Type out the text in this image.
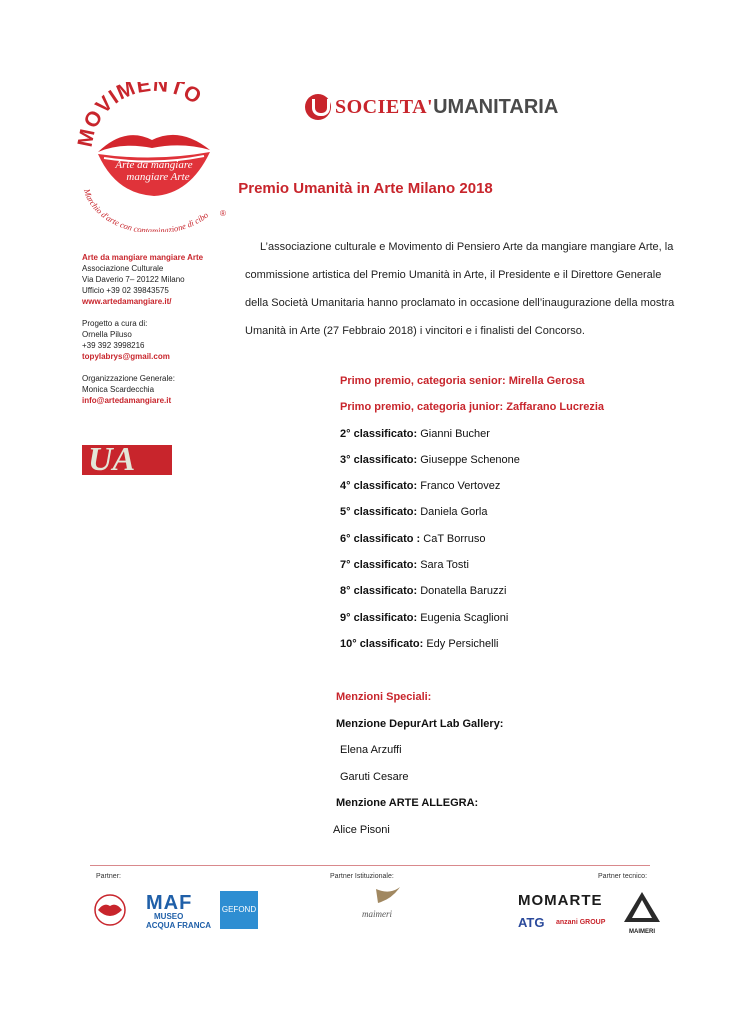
MOVIMENTO
Arte da mangiare
mangiare Arte
Marchio d'arte con contaminazione di cibo ®
SOCIETA' UMANITARIA
Arte da mangiare mangiare Arte
Associazione Culturale
Via Daverio 7– 20122 Milano
Ufficio +39 02 39843575
www.artedamangiare.it/
Progetto a cura di:
Ornella Piluso
+39 392 3998216
topylabrys@gmail.com
Organizzazione Generale:
Monica Scardecchia
info@artedamangiare.it
UA
Premio Umanità in Arte Milano 2018

L’associazione culturale e Movimento di Pensiero Arte da mangiare mangiare Arte, la

commissione artistica del Premio Umanità in Arte, il Presidente e il Direttore Generale

della Società Umanitaria hanno proclamato in occasione dell’inaugurazione della mostra

Umanità in Arte (27 Febbraio 2018) i vincitori e i finalisti del Concorso.

Primo premio, categoria senior: Mirella Gerosa
Primo premio, categoria junior: Zaffarano Lucrezia
2° classificato: Gianni Bucher
3° classificato: Giuseppe Schenone
4° classificato: Franco Vertovez
5° classificato: Daniela Gorla
6° classificato : CaT Borruso
7° classificato: Sara Tosti
8° classificato: Donatella Baruzzi
9° classificato: Eugenia Scaglioni
10° classificato: Edy Persichelli
Menzioni Speciali:
Menzione DepurArt Lab Gallery:
Elena Arzuffi
Garuti Cesare
Menzione ARTE ALLEGRA:
Alice Pisoni
Partner:	Partner Istituzionale:	Partner tecnico:
MAF
MUSEO
ACQUA FRANCA
GEFOND	maimeri
MOMARTE
ATG anzani GROUP
MAIMERI
